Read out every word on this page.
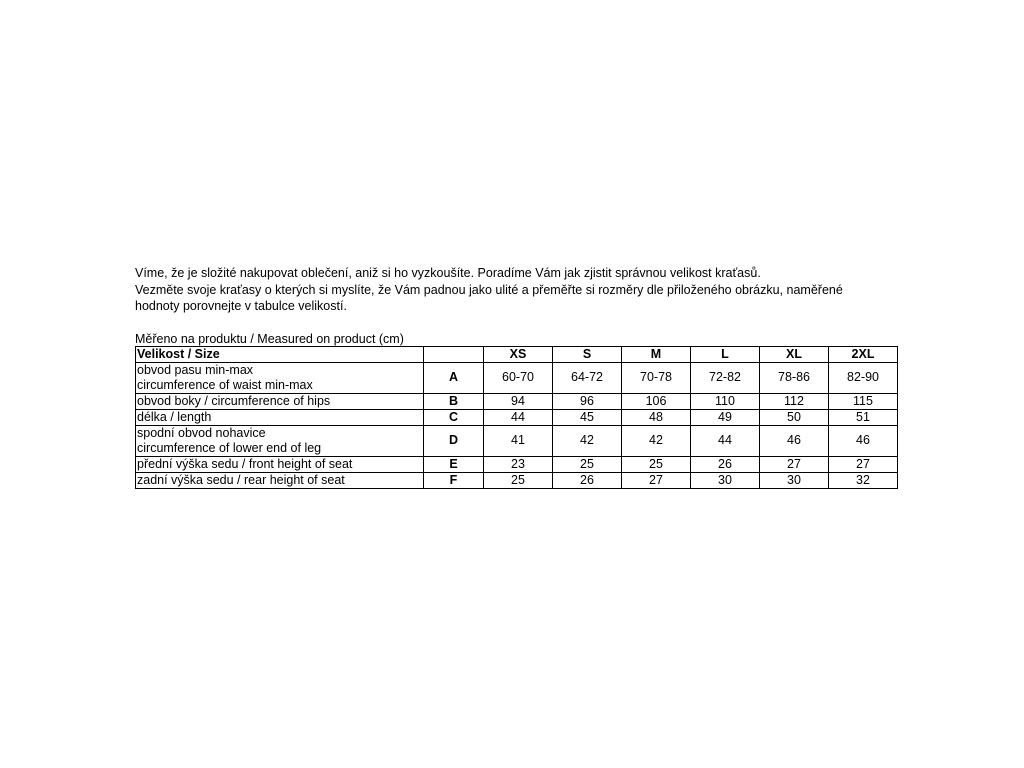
Víme, že je složité nakupovat oblečení, aniž si ho vyzkoušíte. Poradíme Vám jak zjistit správnou velikost kraťasů.

Vezměte svoje kraťasy o kterých si myslíte, že Vám padnou jako ulité a přeměřte si rozměry dle přiloženého obrázku, naměřené

hodnoty porovnejte v tabulce velikostí.

Měřeno na produktu / Measured on product (cm)
Velikost / Size		XS	S	M	L	XL	2XL

obvod pasu min-max
circumference of waist min-max	A	60-70	64-72	70-78	72-82	78-86	82-90
obvod boky / circumference of hips	B	94	96	106	110	112	115
délka / length	C	44	45	48	49	50	51

spodní obvod nohavice
circumference of lower end of leg	D	41	42	42	44	46	46
přední výška sedu / front height of seat	E	23	25	25	26	27	27
zadní výška sedu / rear height of seat	F	25	26	27	30	30	32
